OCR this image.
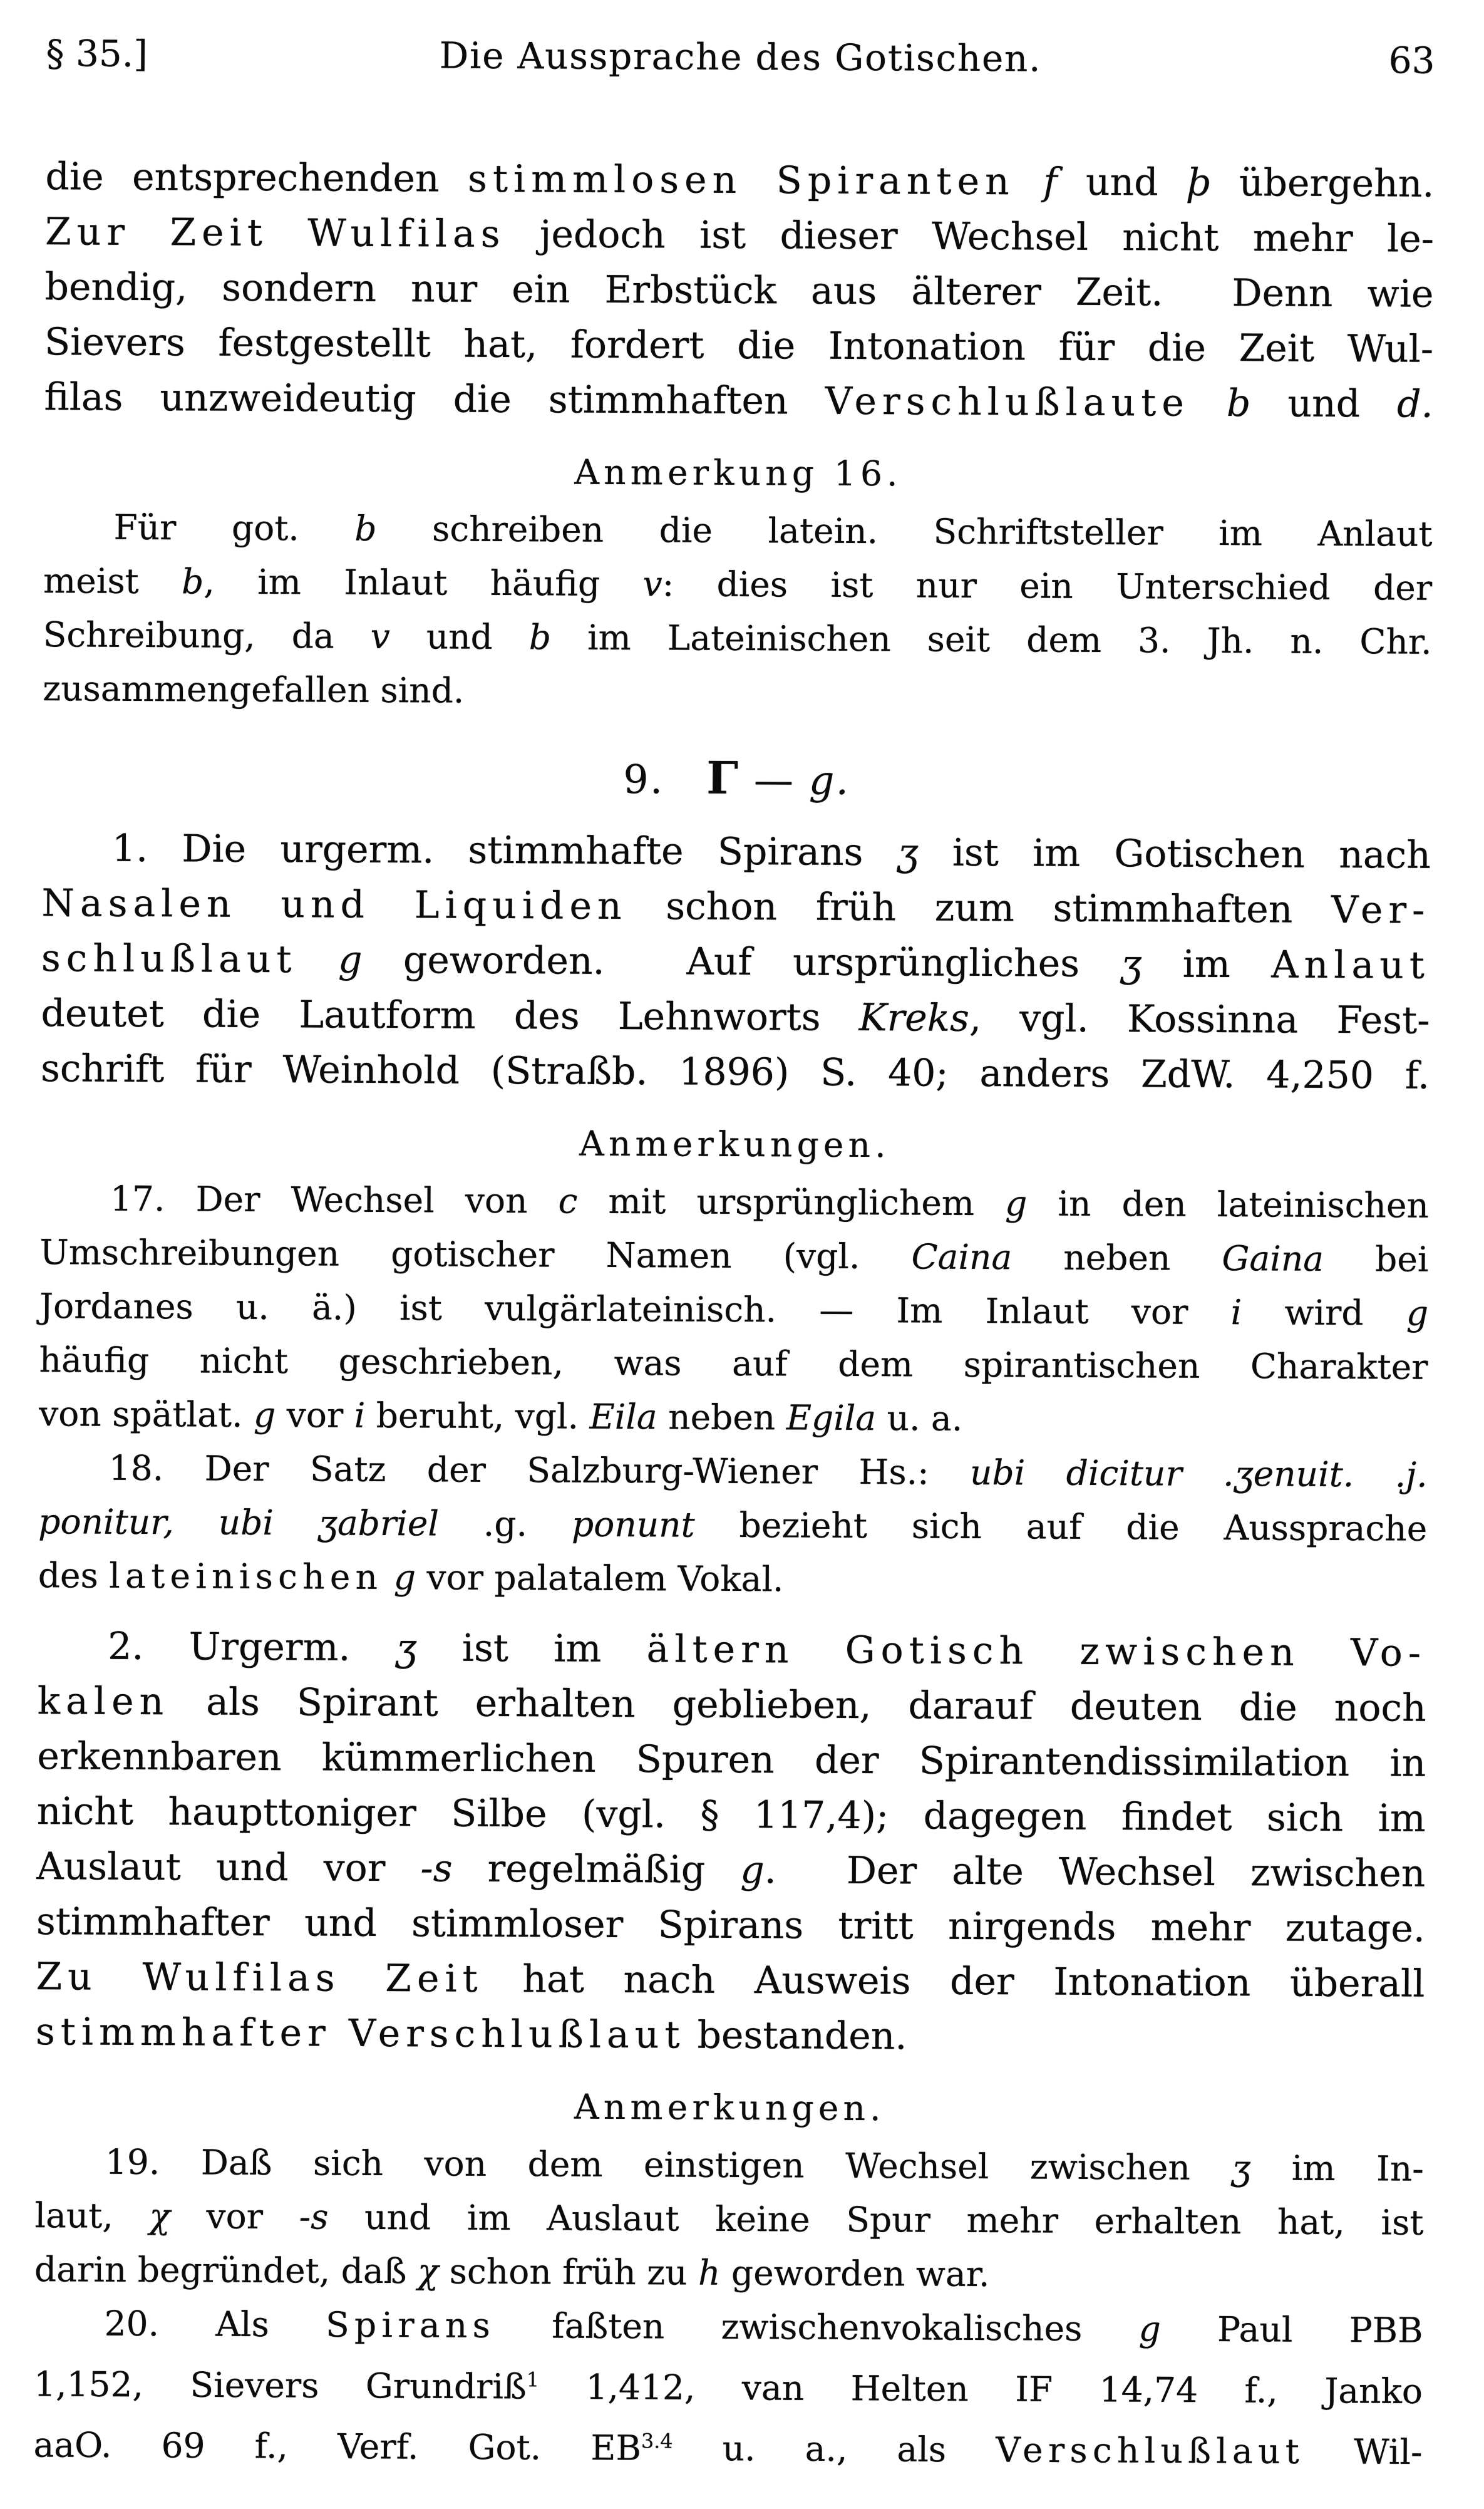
§ 35.]	Die Aussprache des Gotischen.	63
die entsprechenden stimmlosen Spiranten f und þ übergehn.
Zur Zeit Wulfilas jedoch ist dieser Wechsel nicht mehr le-
bendig, sondern nur ein Erbstück aus älterer Zeit.  Denn wie
Sievers festgestellt hat, fordert die Intonation für die Zeit Wul-
filas unzweideutig die stimmhaften Verschlußlaute b und d.
Anmerkung 16.
Für got. b schreiben die latein. Schriftsteller im Anlaut
meist b, im Inlaut häufig v: dies ist nur ein Unterschied der
Schreibung, da v und b im Lateinischen seit dem 3. Jh. n. Chr.
zusammengefallen sind.
9.   Γ — g.
1. Die urgerm. stimmhafte Spirans ʒ ist im Gotischen nach
Nasalen und Liquiden schon früh zum stimmhaften Ver-
schlußlaut g geworden.  Auf ursprüngliches ʒ im Anlaut
deutet die Lautform des Lehnworts Kreks, vgl. Kossinna Fest-
schrift für Weinhold (Straßb. 1896) S. 40; anders ZdW. 4,250 f.
Anmerkungen.
17. Der Wechsel von c mit ursprünglichem g in den lateinischen
Umschreibungen gotischer Namen (vgl. Caina neben Gaina bei
Jordanes u. ä.) ist vulgärlateinisch. — Im Inlaut vor i wird g
häufig nicht geschrieben, was auf dem spirantischen Charakter
von spätlat. g vor i beruht, vgl. Eila neben Egila u. a.
18. Der Satz der Salzburg-Wiener Hs.: ubi dicitur .ʒenuit. .j.
ponitur, ubi ʒabriel .g. ponunt bezieht sich auf die Aussprache
des lateinischen g vor palatalem Vokal.
2. Urgerm. ʒ ist im ältern Gotisch zwischen Vo-
kalen als Spirant erhalten geblieben, darauf deuten die noch
erkennbaren kümmerlichen Spuren der Spirantendissimilation in
nicht haupttoniger Silbe (vgl. § 117,4); dagegen findet sich im
Auslaut und vor -s regelmäßig g.  Der alte Wechsel zwischen
stimmhafter und stimmloser Spirans tritt nirgends mehr zutage.
Zu Wulfilas Zeit hat nach Ausweis der Intonation überall
stimmhafter Verschlußlaut bestanden.
Anmerkungen.
19. Daß sich von dem einstigen Wechsel zwischen ʒ im In-
laut, χ vor -s und im Auslaut keine Spur mehr erhalten hat, ist
darin begründet, daß χ schon früh zu h geworden war.
20. Als Spirans faßten zwischenvokalisches g Paul PBB
1,152, Sievers Grundriß$^1$ 1,412, van Helten IF 14,74 f., Janko
aaO. 69 f., Verf. Got. $EB^{3.4}$ u. a., als Verschlußlaut Wil-
